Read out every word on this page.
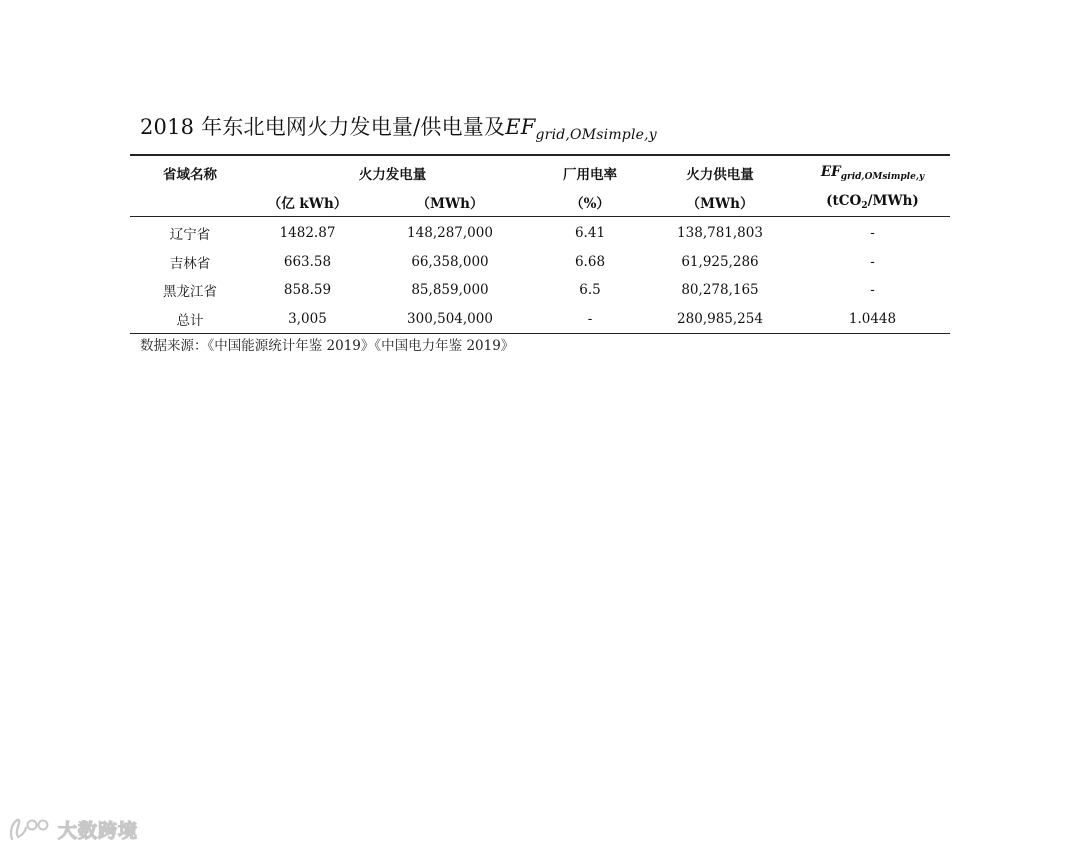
2018 年东北电网火力发电量/供电量及$EF_{grid,OMsimple,y}$
省域名称	火力发电量		厂用电率	火力供电量	$EF_{grid,OMsimple,y}$
	（亿 kWh）	（MWh）	（%）	（MWh）	(tCO$_2$/MWh)
辽宁省	1482.87	148,287,000	6.41	138,781,803	-
吉林省	663.58	66,358,000	6.68	61,925,286	-
黑龙江省	858.59	85,859,000	6.5	80,278,165	-
总计	3,005	300,504,000	-	280,985,254	1.0448
数据来源：《中国能源统计年鉴 2019》《中国电力年鉴 2019》
大数跨境
